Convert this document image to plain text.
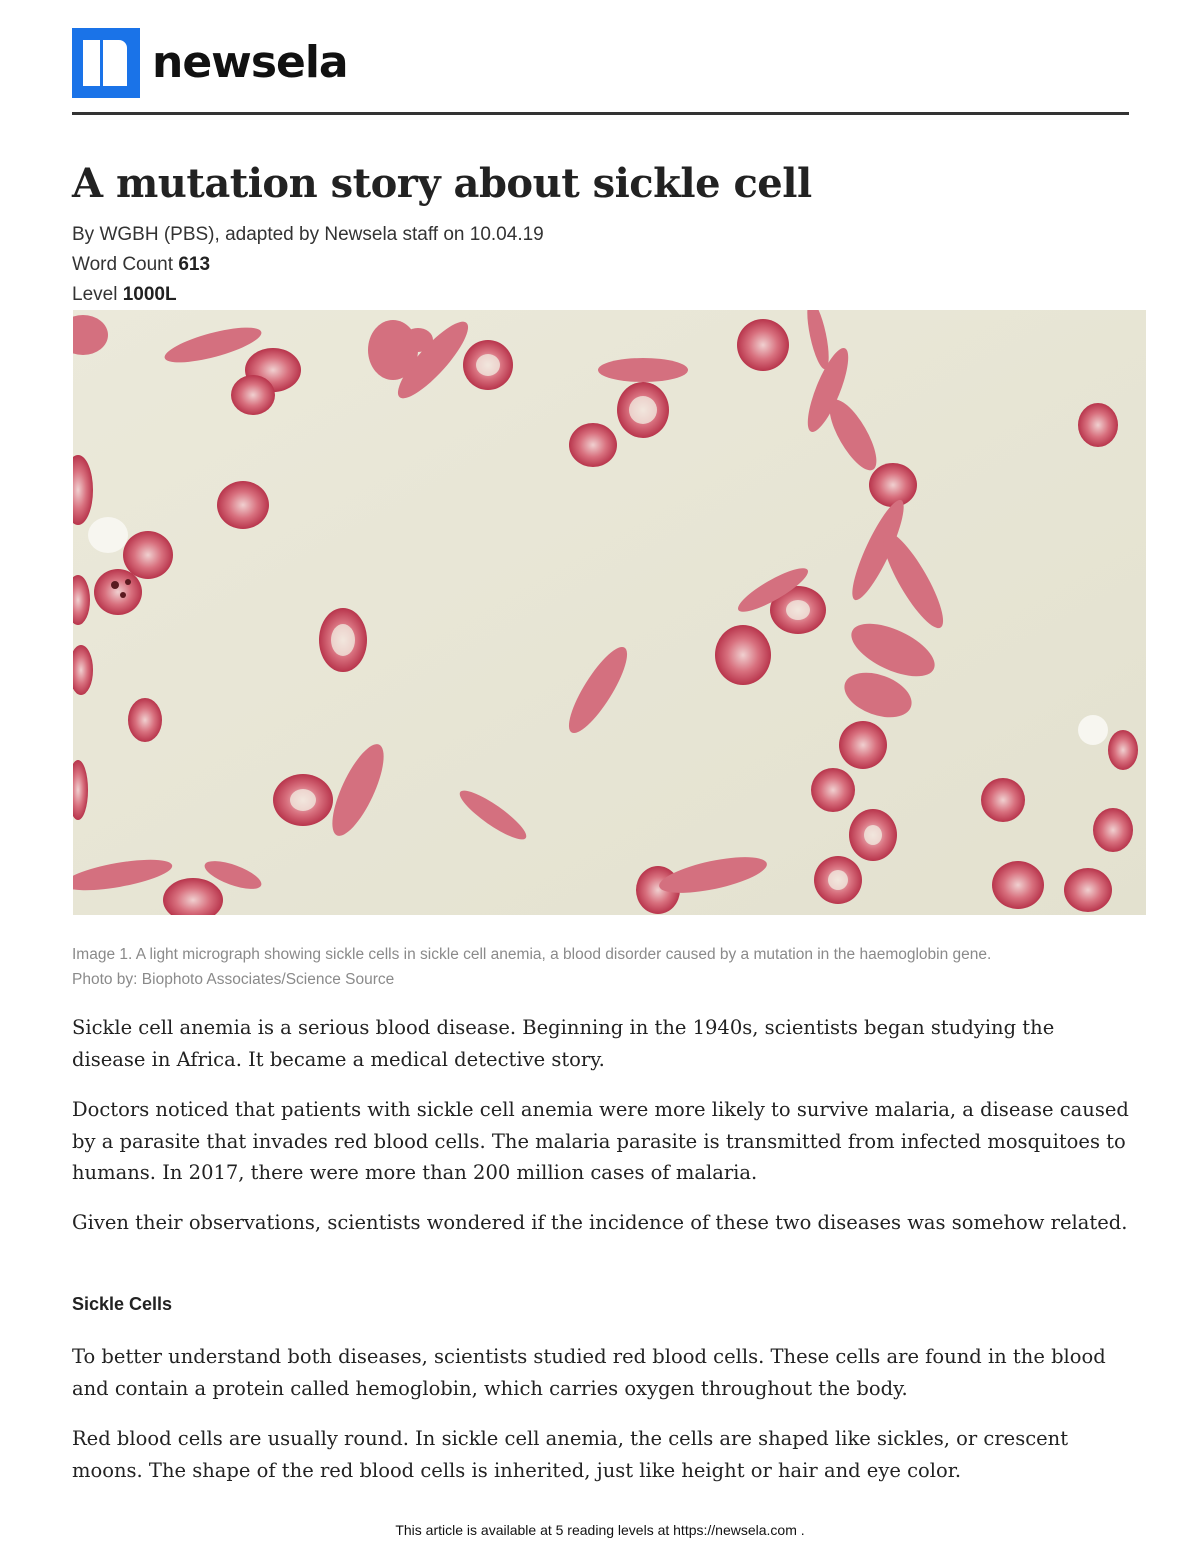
newsela
A mutation story about sickle cell
By WGBH (PBS), adapted by Newsela staff on 10.04.19
Word Count 613
Level 1000L
Image 1. A light micrograph showing sickle cells in sickle cell anemia, a blood disorder caused by a mutation in the haemoglobin gene.
Photo by: Biophoto Associates/Science Source

Sickle cell anemia is a serious blood disease. Beginning in the 1940s, scientists began studying the disease in Africa. It became a medical detective story.

Doctors noticed that patients with sickle cell anemia were more likely to survive malaria, a disease caused by a parasite that invades red blood cells. The malaria parasite is transmitted from infected mosquitoes to humans. In 2017, there were more than 200 million cases of malaria.

Given their observations, scientists wondered if the incidence of these two diseases was somehow related.

Sickle Cells

To better understand both diseases, scientists studied red blood cells. These cells are found in the blood and contain a protein called hemoglobin, which carries oxygen throughout the body.

Red blood cells are usually round. In sickle cell anemia, the cells are shaped like sickles, or crescent moons. The shape of the red blood cells is inherited, just like height or hair and eye color.

This article is available at 5 reading levels at https://newsela.com .
